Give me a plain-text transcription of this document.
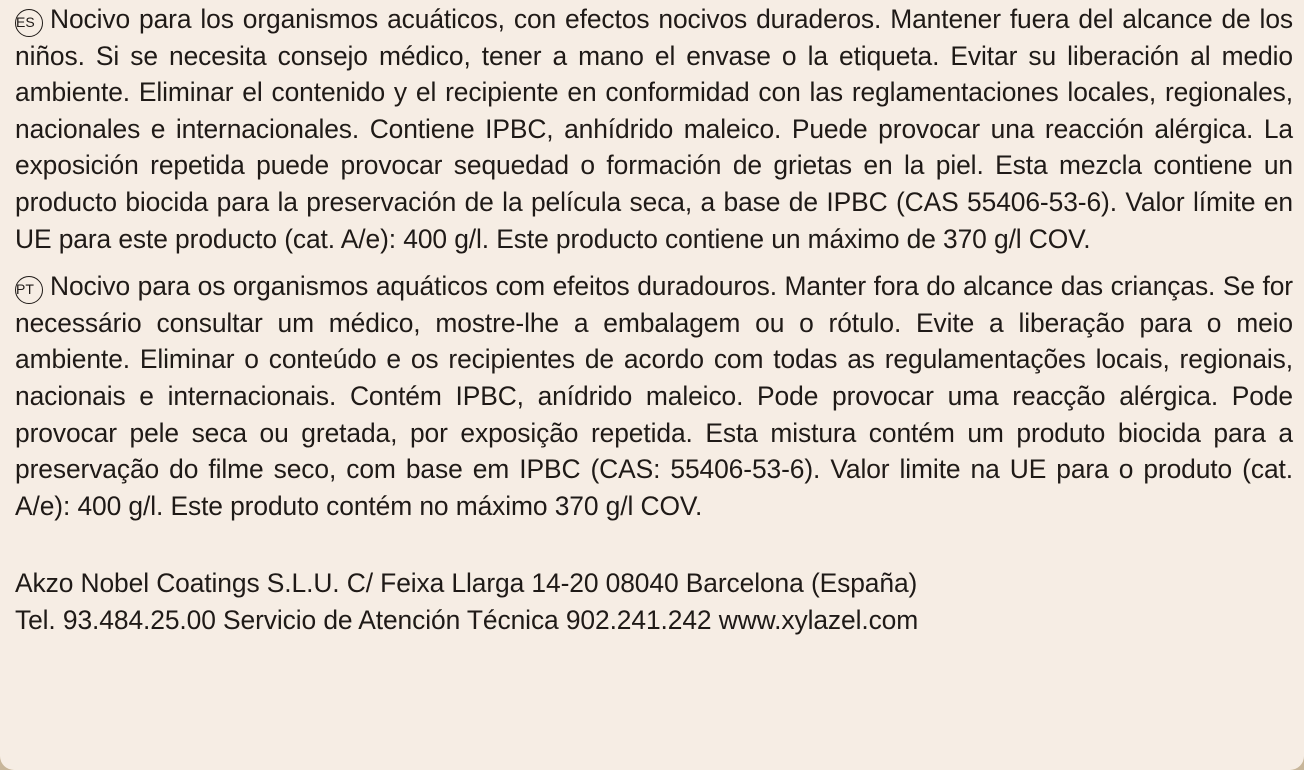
ES Nocivo para los organismos acuáticos, con efectos nocivos duraderos. Mantener fuera del alcance de los niños. Si se necesita consejo médico, tener a mano el envase o la etiqueta. Evitar su liberación al medio ambiente. Eliminar el contenido y el recipiente en conformidad con las reglamentaciones locales, regionales, nacionales e internacionales. Contiene IPBC, anhídrido maleico. Puede provocar una reacción alérgica. La exposición repetida puede provocar sequedad o formación de grietas en la piel. Esta mezcla contiene un producto biocida para la preservación de la película seca, a base de IPBC (CAS 55406-53-6). Valor límite en UE para este producto (cat. A/e): 400 g/l. Este producto contiene un máximo de 370 g/l COV.

PT Nocivo para os organismos aquáticos com efeitos duradouros. Manter fora do alcance das crianças. Se for necessário consultar um médico, mostre-lhe a embalagem ou o rótulo. Evite a liberação para o meio ambiente. Eliminar o conteúdo e os recipientes de acordo com todas as regulamentações locais, regionais, nacionais e internacionais. Contém IPBC, anídrido maleico. Pode provocar uma reacção alérgica. Pode provocar pele seca ou gretada, por exposição repetida. Esta mistura contém um produto biocida para a preservação do filme seco, com base em IPBC (CAS: 55406-53-6). Valor limite na UE para o produto (cat. A/e): 400 g/l. Este produto contém no máximo 370 g/l COV.

Akzo Nobel Coatings S.L.U. C/ Feixa Llarga 14-20 08040 Barcelona (España)
Tel. 93.484.25.00 Servicio de Atención Técnica 902.241.242 www.xylazel.com
